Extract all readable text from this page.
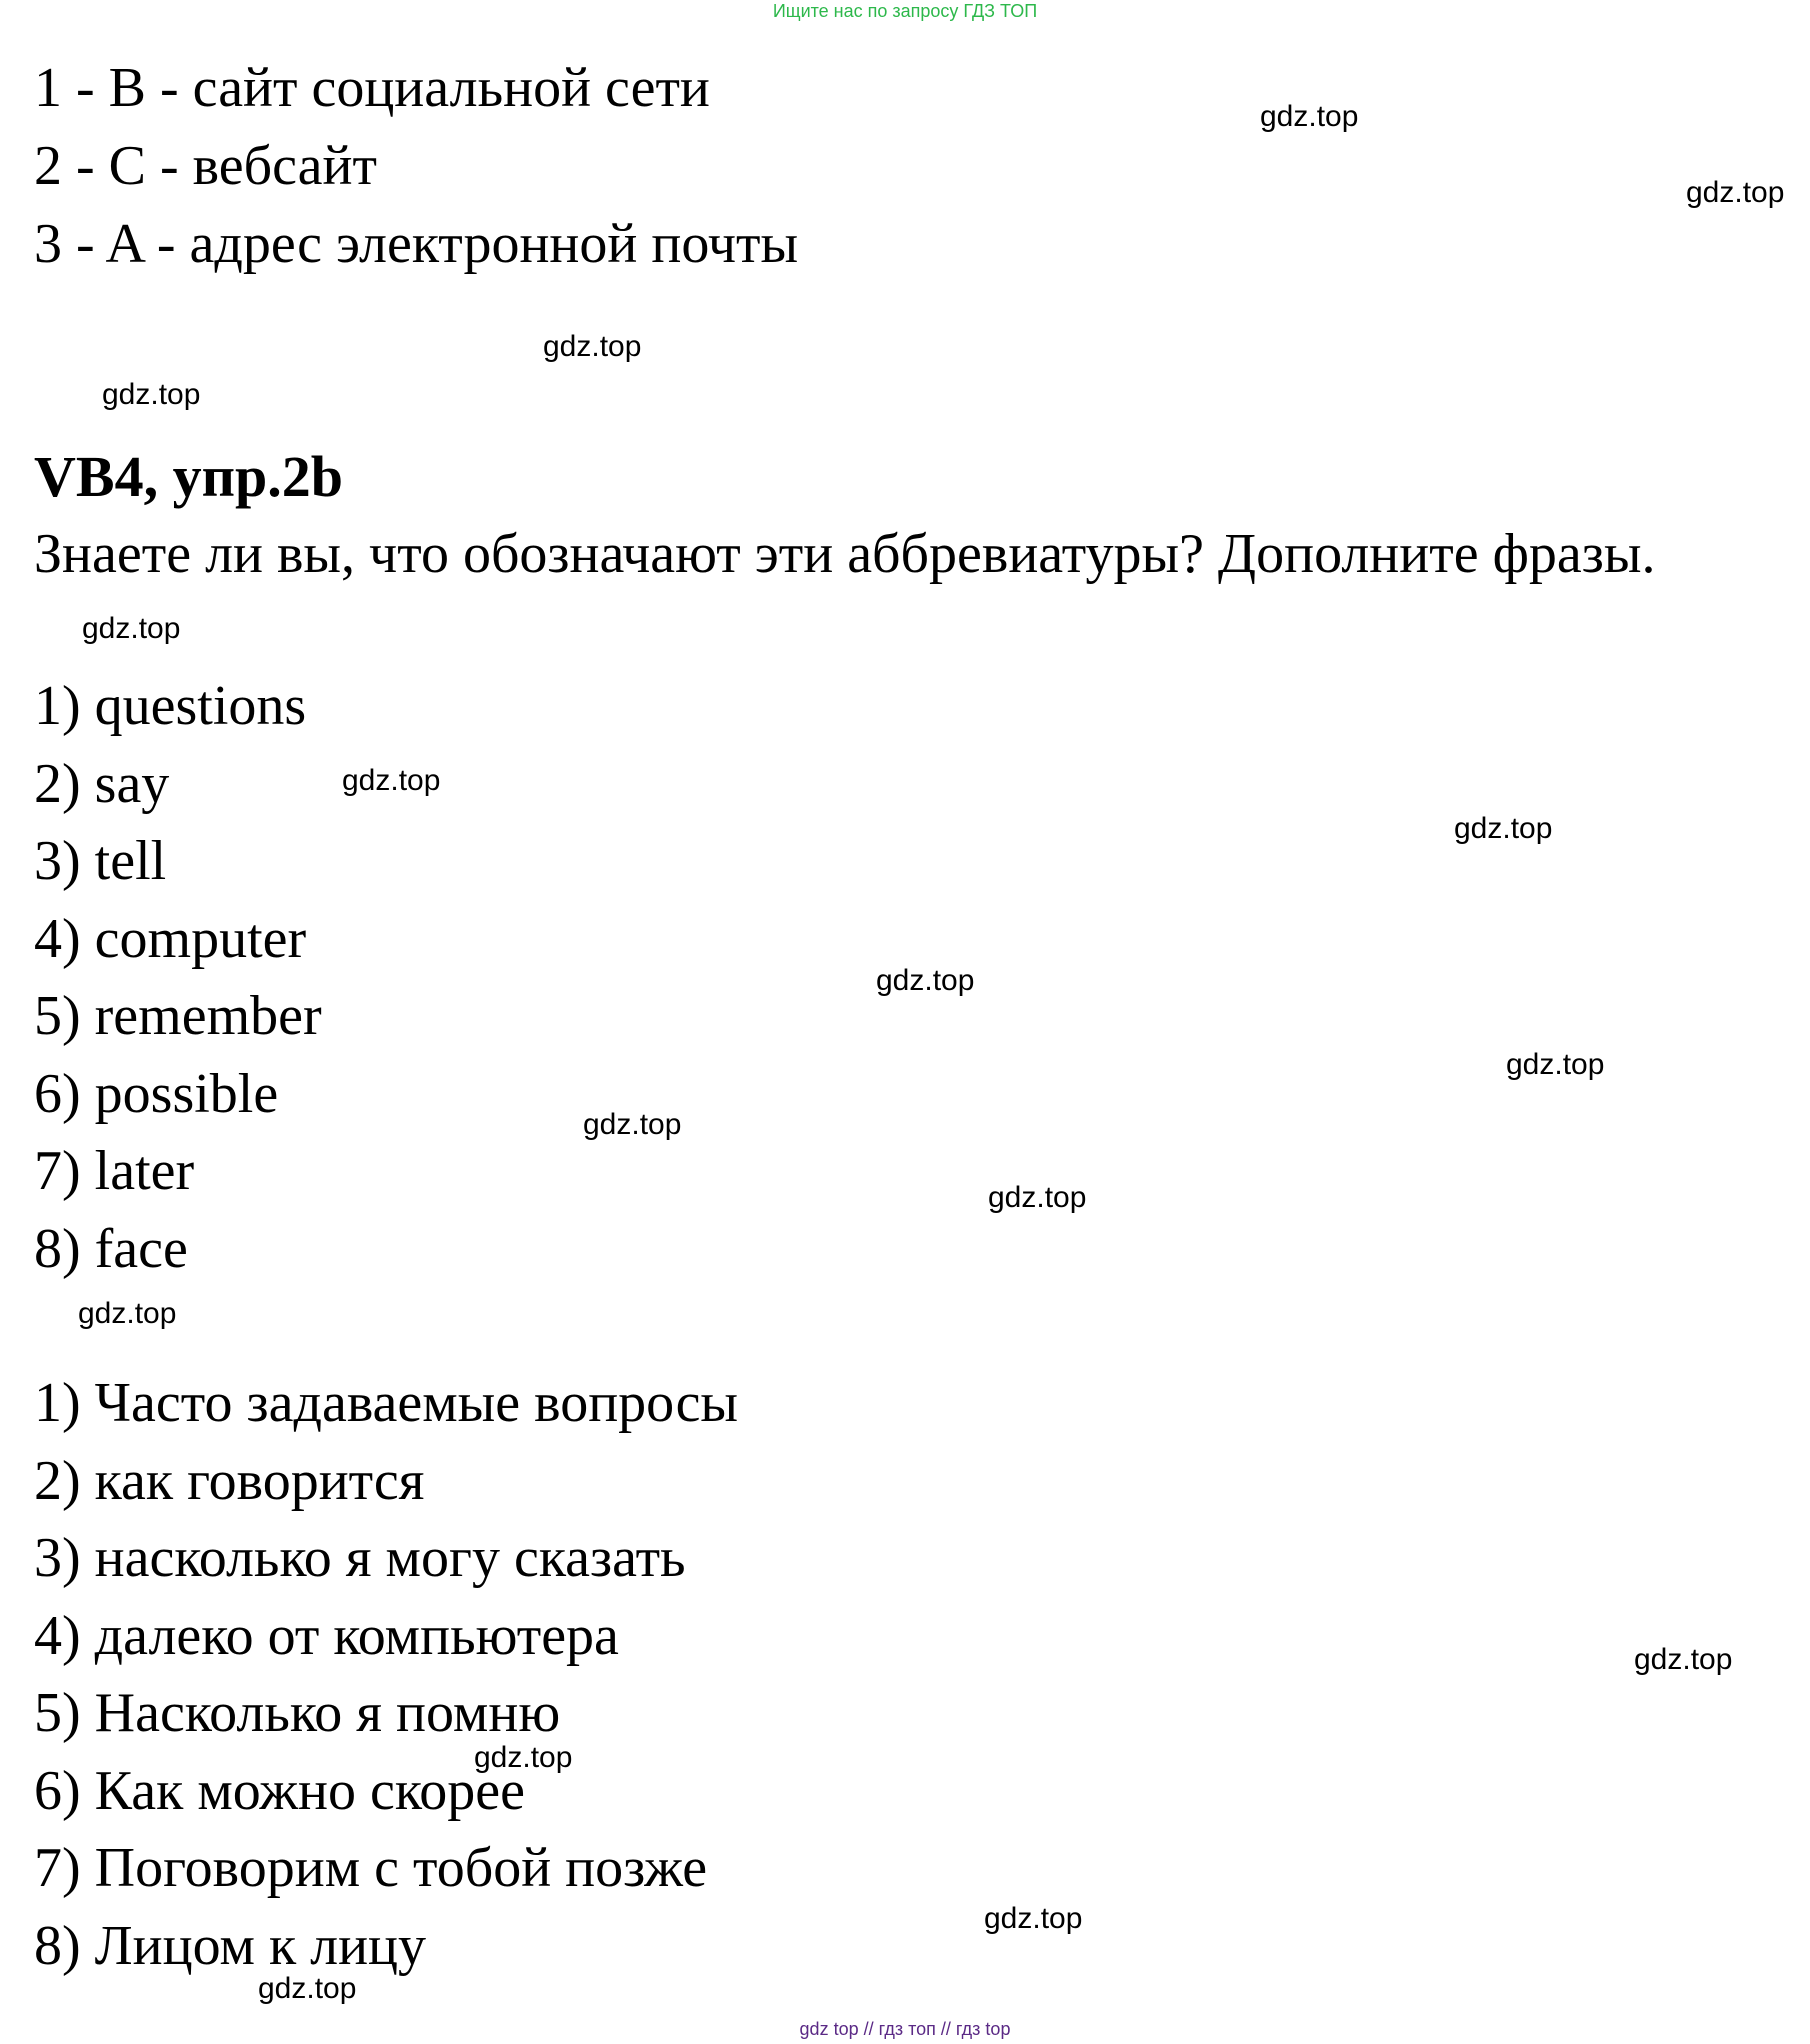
Ищите нас по запросу ГДЗ ТОП
1 - B - сайт социальной сети
2 - C - вебсайт
3 - A - адрес электронной почты
VB4, упр.2b
Знаете ли вы, что обозначают эти аббревиатуры? Дополните фразы.
1) questions
2) say
3) tell
4) computer
5) remember
6) possible
7) later
8) face
1) Часто задаваемые вопросы
2) как говорится
3) насколько я могу сказать
4) далеко от компьютера
5) Насколько я помню
6) Как можно скорее
7) Поговорим с тобой позже
8) Лицом к лицу
gdz.top
gdz.top
gdz.top
gdz.top
gdz.top
gdz.top
gdz.top
gdz.top
gdz.top
gdz.top
gdz.top
gdz.top
gdz.top
gdz.top
gdz.top
gdz.top
gdz top // гдз топ // гдз top
